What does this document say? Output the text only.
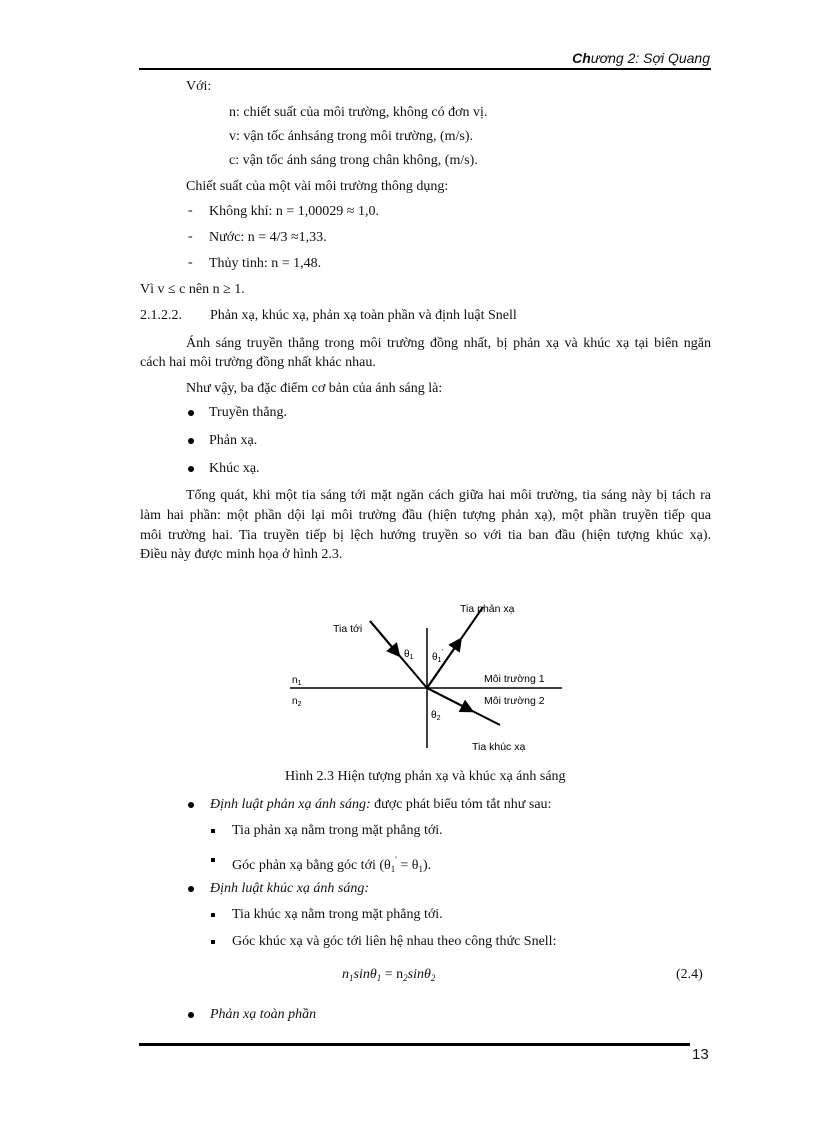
Chương 2: Sợi Quang
Với:
n: chiết suất của môi trường, không có đơn vị.
v: vận tốc ánhsáng trong môi trường, (m/s).
c: vận tốc ánh sáng trong chân không, (m/s).
Chiết suất của một vài môi trường thông dụng:
- Không khí: n = 1,00029 ≈ 1,0.
- Nước: n = 4/3 ≈1,33.
- Thủy tinh: n = 1,48.
Vì v ≤ c nên n ≥ 1.
2.1.2.2. Phản xạ, khúc xạ, phản xạ toàn phần và định luật Snell
Ánh sáng truyền thẳng trong môi trường đồng nhất, bị phản xạ và khúc xạ tại biên ngăn
cách hai môi trường đồng nhất khác nhau.
Như vậy, ba đặc điểm cơ bản của ánh sáng là:
Truyền thẳng.
Phản xạ.
Khúc xạ.
Tổng quát, khi một tia sáng tới mặt ngăn cách giữa hai môi trường, tia sáng này bị tách ra
làm hai phần: một phần dội lại môi trường đầu (hiện tượng phản xạ), một phần truyền tiếp qua
môi trường hai. Tia truyền tiếp bị lệch hướng truyền so với tia ban đầu (hiện tượng khúc xạ).
Điều này được minh họa ở hình 2.3.
Tia tới
Tia phản xạ
Tia khúc xạ
$\theta_1$ $\theta_1'$
$\theta_2$
$n_1$
$n_2$
Môi trường 1
Môi trường 2
Hình 2.3 Hiện tượng phản xạ và khúc xạ ánh sáng
Định luật phản xạ ánh sáng: được phát biểu tóm tắt như sau:
Tia phản xạ nằm trong mặt phẳng tới.
Góc phản xạ bằng góc tới $(\theta_1' = \theta_1)$.
Định luật khúc xạ ánh sáng:
Tia khúc xạ nằm trong mặt phẳng tới.
Góc khúc xạ và góc tới liên hệ nhau theo công thức Snell:
$n_1\sin\theta_1 = n_2\sin\theta_2$	(2.4)
Phản xạ toàn phần
13
